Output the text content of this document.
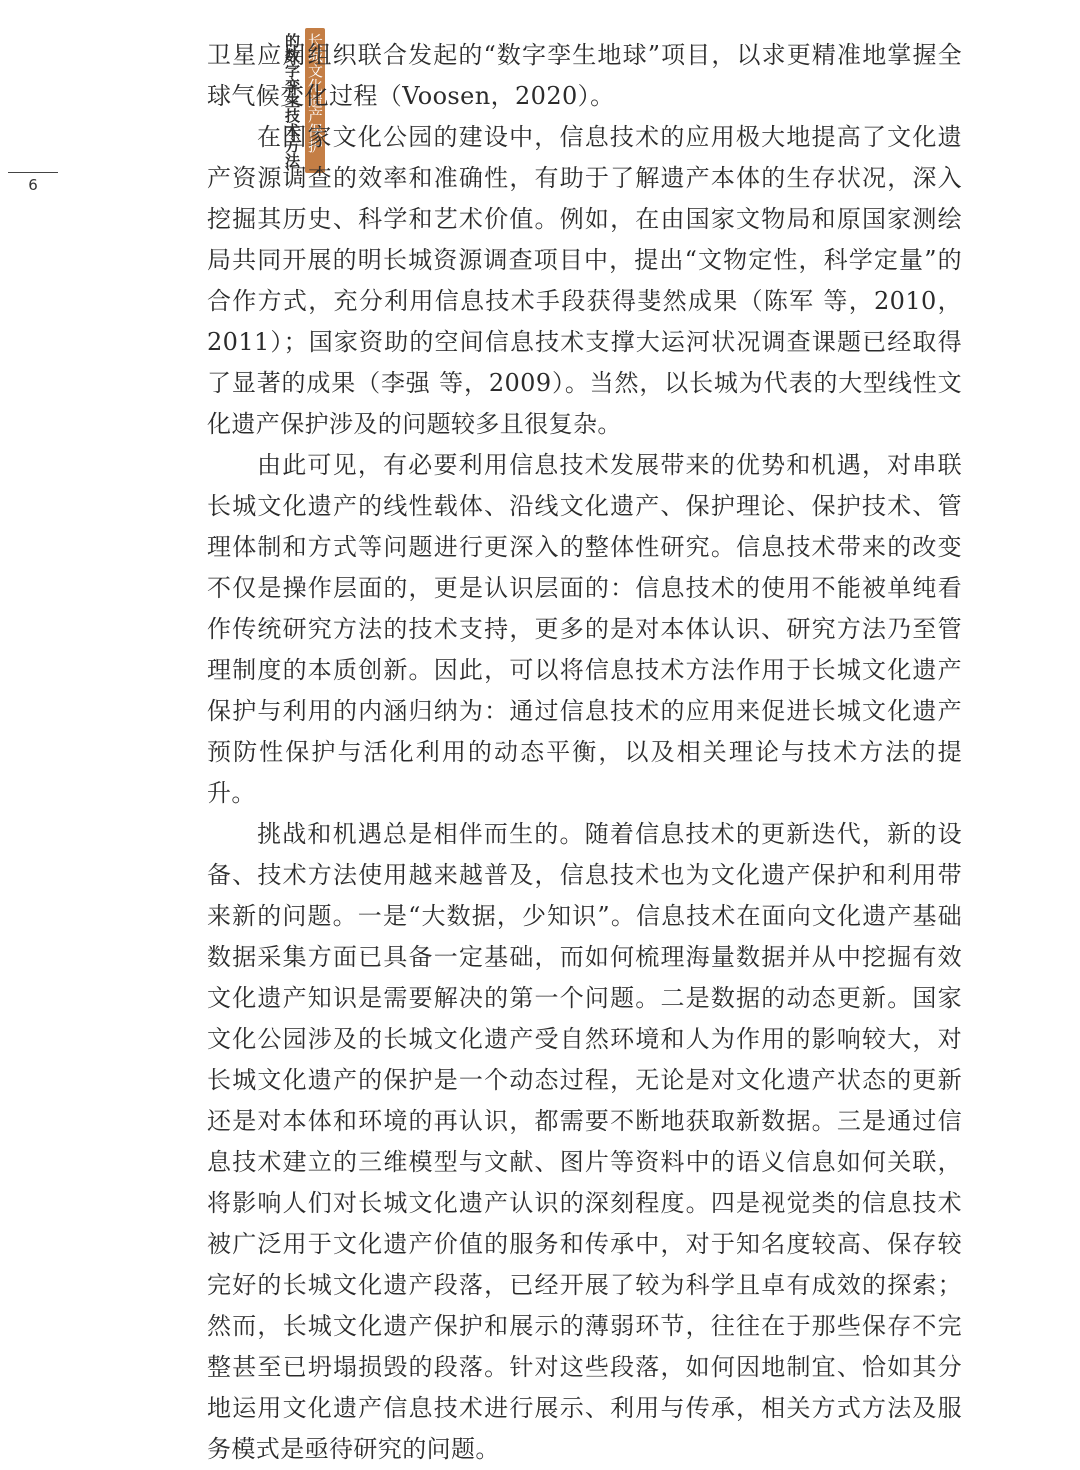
长城文化遗产保护
的数字孪生技术方法
6

卫星应用组织联合发起的“数字孪生地球”项目，以求更精准地掌握全球气候变化过程（Voosen，2020）。

在国家文化公园的建设中，信息技术的应用极大地提高了文化遗产资源调查的效率和准确性，有助于了解遗产本体的生存状况，深入挖掘其历史、科学和艺术价值。例如，在由国家文物局和原国家测绘局共同开展的明长城资源调查项目中，提出“文物定性，科学定量”的合作方式，充分利用信息技术手段获得斐然成果（陈军 等，2010，2011）；国家资助的空间信息技术支撑大运河状况调查课题已经取得了显著的成果（李强 等，2009）。当然，以长城为代表的大型线性文化遗产保护涉及的问题较多且很复杂。

由此可见，有必要利用信息技术发展带来的优势和机遇，对串联长城文化遗产的线性载体、沿线文化遗产、保护理论、保护技术、管理体制和方式等问题进行更深入的整体性研究。信息技术带来的改变不仅是操作层面的，更是认识层面的：信息技术的使用不能被单纯看作传统研究方法的技术支持，更多的是对本体认识、研究方法乃至管理制度的本质创新。因此，可以将信息技术方法作用于长城文化遗产保护与利用的内涵归纳为：通过信息技术的应用来促进长城文化遗产预防性保护与活化利用的动态平衡，以及相关理论与技术方法的提升。

挑战和机遇总是相伴而生的。随着信息技术的更新迭代，新的设备、技术方法使用越来越普及，信息技术也为文化遗产保护和利用带来新的问题。一是“大数据，少知识”。信息技术在面向文化遗产基础数据采集方面已具备一定基础，而如何梳理海量数据并从中挖掘有效文化遗产知识是需要解决的第一个问题。二是数据的动态更新。国家文化公园涉及的长城文化遗产受自然环境和人为作用的影响较大，对长城文化遗产的保护是一个动态过程，无论是对文化遗产状态的更新还是对本体和环境的再认识，都需要不断地获取新数据。三是通过信息技术建立的三维模型与文献、图片等资料中的语义信息如何关联，将影响人们对长城文化遗产认识的深刻程度。四是视觉类的信息技术被广泛用于文化遗产价值的服务和传承中，对于知名度较高、保存较完好的长城文化遗产段落，已经开展了较为科学且卓有成效的探索；然而，长城文化遗产保护和展示的薄弱环节，往往在于那些保存不完整甚至已坍塌损毁的段落。针对这些段落，如何因地制宜、恰如其分地运用文化遗产信息技术进行展示、利用与传承，相关方式方法及服务模式是亟待研究的问题。
